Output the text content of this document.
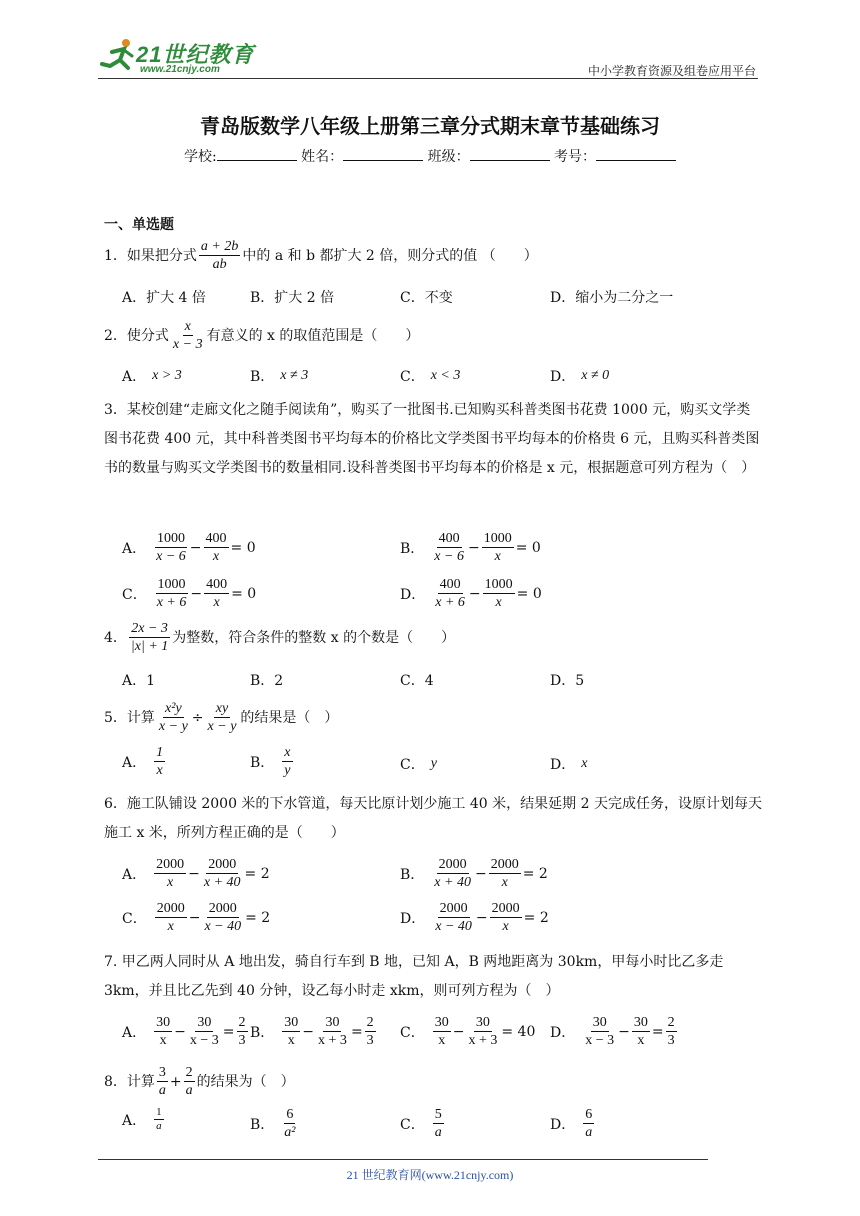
21世纪教育
www.21cnjy.com	中小学教育资源及组卷应用平台
青岛版数学八年级上册第三章分式期末章节基础练习
学校:	姓名：	班级：	考号：
一、单选题
1．如果把分式 $\frac{a + 2b}{ab}$ 中的 a 和 b 都扩大 2 倍，则分式的值 （　　）
A．扩大 4 倍	B．扩大 2 倍	C．不变	D．缩小为二分之一
2．使分式 $\frac{x}{x - 3}$ 有意义的 x 的取值范围是（　　）
A． x > 3	B． x ≠ 3	C． x < 3	D． x ≠ 0
3．某校创建“走廊文化之随手阅读角”，购买了一批图书.已知购买科普类图书花费 1000 元，购买文学类图书花费 400 元，其中科普类图书平均每本的价格比文学类图书平均每本的价格贵 6 元，且购买科普类图书的数量与购买文学类图书的数量相同.设科普类图书平均每本的价格是 x 元，根据题意可列方程为（　）
A． $\frac{1000}{x - 6} - \frac{400}{x} = 0$	B． $\frac{400}{x - 6} - \frac{1000}{x} = 0$
C． $\frac{1000}{x + 6} - \frac{400}{x} = 0$	D． $\frac{400}{x + 6} - \frac{1000}{x} = 0$
4． $\frac{2x - 3}{|x| + 1}$ 为整数，符合条件的整数 x 的个数是（　　）
A．1	B．2	C．4	D．5
5．计算 $\frac{\text{x²y}}{x - y} \div \frac{xy}{x - y}$ 的结果是（　）
A． $\frac{1}{x}$	B． $\frac{x}{y}$	C． y	D． x
6．施工队铺设 2000 米的下水管道，每天比原计划少施工 40 米，结果延期 2 天完成任务，设原计划每天施工 x 米，所列方程正确的是（　　）
A． $\frac{2000}{x} - \frac{2000}{x + 40} = 2$	B． $\frac{2000}{x + 40} - \frac{2000}{x} = 2$
C． $\frac{2000}{x} - \frac{2000}{x - 40} = 2$	D． $\frac{2000}{x - 40} - \frac{2000}{x} = 2$
7. 甲乙两人同时从 A 地出发，骑自行车到 B 地，已知 A，B 两地距离为 30km，甲每小时比乙多走 3km，并且比乙先到 40 分钟，设乙每小时走 xkm，则可列方程为（　）
A． $\frac{30}{x} - \frac{30}{x - 3} = \frac{2}{3}$ B． $\frac{30}{x} - \frac{30}{x + 3} = \frac{2}{3}$ C． $\frac{30}{x} - \frac{30}{x + 3} = 40$ D． $\frac{30}{x - 3} - \frac{30}{x} = \frac{2}{3}$
8．计算 $\frac{3}{a} + \frac{2}{a}$ 的结果为（　）
A． $\frac{1}{a}$	B． $\frac{6}{\text{a²}}$	C． $\frac{5}{a}$	D． $\frac{6}{a}$
21 世纪教育网(www.21cnjy.com)
